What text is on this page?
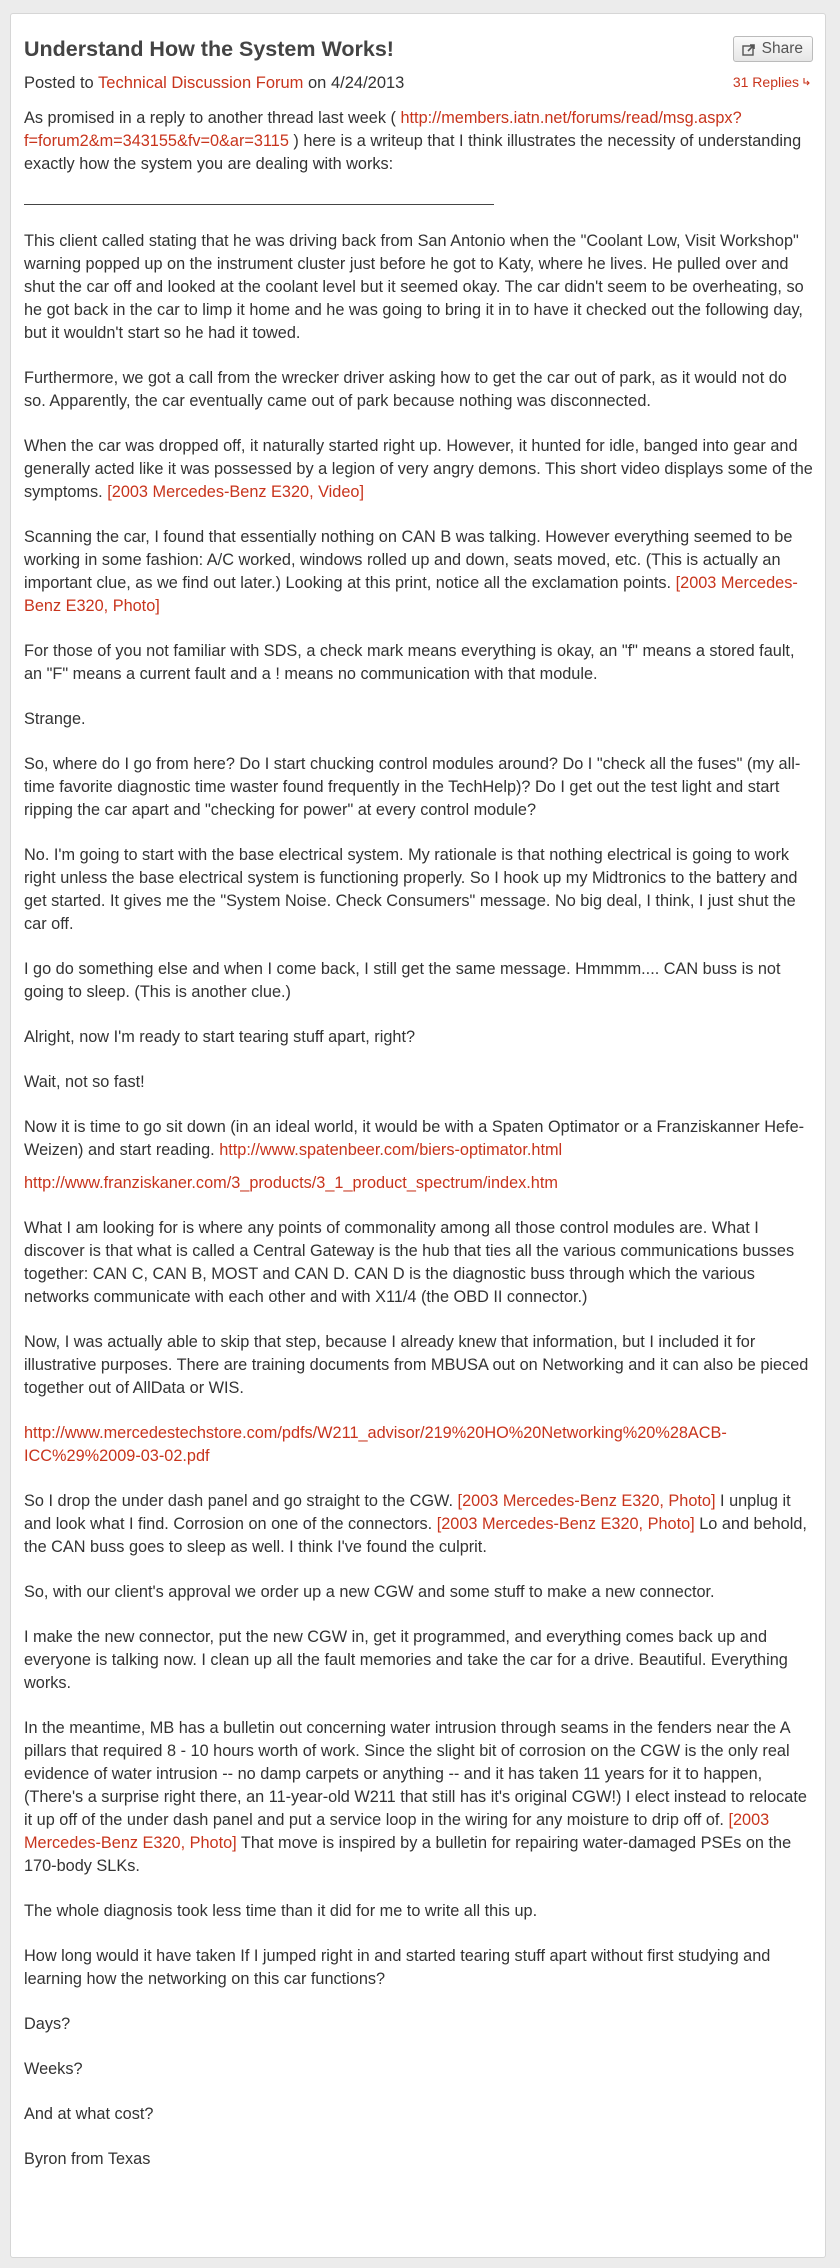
Understand How the System Works!
Posted to Technical Discussion Forum on 4/24/2013
Share
31 Replies

As promised in a reply to another thread last week ( http://members.iatn.net/forums/read/msg.aspx?f=forum2&m=343155&fv=0&ar=3115 ) here is a writeup that I think illustrates the necessity of understanding exactly how the system you are dealing with works:

This client called stating that he was driving back from San Antonio when the "Coolant Low, Visit Workshop" warning popped up on the instrument cluster just before he got to Katy, where he lives. He pulled over and shut the car off and looked at the coolant level but it seemed okay. The car didn't seem to be overheating, so he got back in the car to limp it home and he was going to bring it in to have it checked out the following day, but it wouldn't start so he had it towed.

Furthermore, we got a call from the wrecker driver asking how to get the car out of park, as it would not do so. Apparently, the car eventually came out of park because nothing was disconnected.

When the car was dropped off, it naturally started right up. However, it hunted for idle, banged into gear and generally acted like it was possessed by a legion of very angry demons. This short video displays some of the symptoms. [2003 Mercedes-Benz E320, Video]

Scanning the car, I found that essentially nothing on CAN B was talking. However everything seemed to be working in some fashion: A/C worked, windows rolled up and down, seats moved, etc. (This is actually an important clue, as we find out later.) Looking at this print, notice all the exclamation points. [2003 Mercedes-Benz E320, Photo]

For those of you not familiar with SDS, a check mark means everything is okay, an "f" means a stored fault, an "F" means a current fault and a ! means no communication with that module.

Strange.

So, where do I go from here? Do I start chucking control modules around? Do I "check all the fuses" (my all-time favorite diagnostic time waster found frequently in the TechHelp)? Do I get out the test light and start ripping the car apart and "checking for power" at every control module?

No. I'm going to start with the base electrical system. My rationale is that nothing electrical is going to work right unless the base electrical system is functioning properly. So I hook up my Midtronics to the battery and get started. It gives me the "System Noise. Check Consumers" message. No big deal, I think, I just shut the car off.

I go do something else and when I come back, I still get the same message. Hmmmm.... CAN buss is not going to sleep. (This is another clue.)

Alright, now I'm ready to start tearing stuff apart, right?

Wait, not so fast!

Now it is time to go sit down (in an ideal world, it would be with a Spaten Optimator or a Franziskanner Hefe-Weizen) and start reading. http://www.spatenbeer.com/biers-optimator.html

http://www.franziskaner.com/3_products/3_1_product_spectrum/index.htm

What I am looking for is where any points of commonality among all those control modules are. What I discover is that what is called a Central Gateway is the hub that ties all the various communications busses together: CAN C, CAN B, MOST and CAN D. CAN D is the diagnostic buss through which the various networks communicate with each other and with X11/4 (the OBD II connector.)

Now, I was actually able to skip that step, because I already knew that information, but I included it for illustrative purposes. There are training documents from MBUSA out on Networking and it can also be pieced together out of AllData or WIS.

http://www.mercedestechstore.com/pdfs/W211_advisor/219%20HO%20Networking%20%28ACB-ICC%29%2009-03-02.pdf

So I drop the under dash panel and go straight to the CGW. [2003 Mercedes-Benz E320, Photo] I unplug it and look what I find. Corrosion on one of the connectors. [2003 Mercedes-Benz E320, Photo] Lo and behold, the CAN buss goes to sleep as well. I think I've found the culprit.

So, with our client's approval we order up a new CGW and some stuff to make a new connector.

I make the new connector, put the new CGW in, get it programmed, and everything comes back up and everyone is talking now. I clean up all the fault memories and take the car for a drive. Beautiful. Everything works.

In the meantime, MB has a bulletin out concerning water intrusion through seams in the fenders near the A pillars that required 8 - 10 hours worth of work. Since the slight bit of corrosion on the CGW is the only real evidence of water intrusion -- no damp carpets or anything -- and it has taken 11 years for it to happen, (There's a surprise right there, an 11-year-old W211 that still has it's original CGW!) I elect instead to relocate it up off of the under dash panel and put a service loop in the wiring for any moisture to drip off of. [2003 Mercedes-Benz E320, Photo] That move is inspired by a bulletin for repairing water-damaged PSEs on the 170-body SLKs.

The whole diagnosis took less time than it did for me to write all this up.

How long would it have taken If I jumped right in and started tearing stuff apart without first studying and learning how the networking on this car functions?

Days?

Weeks?

And at what cost?

Byron from Texas
